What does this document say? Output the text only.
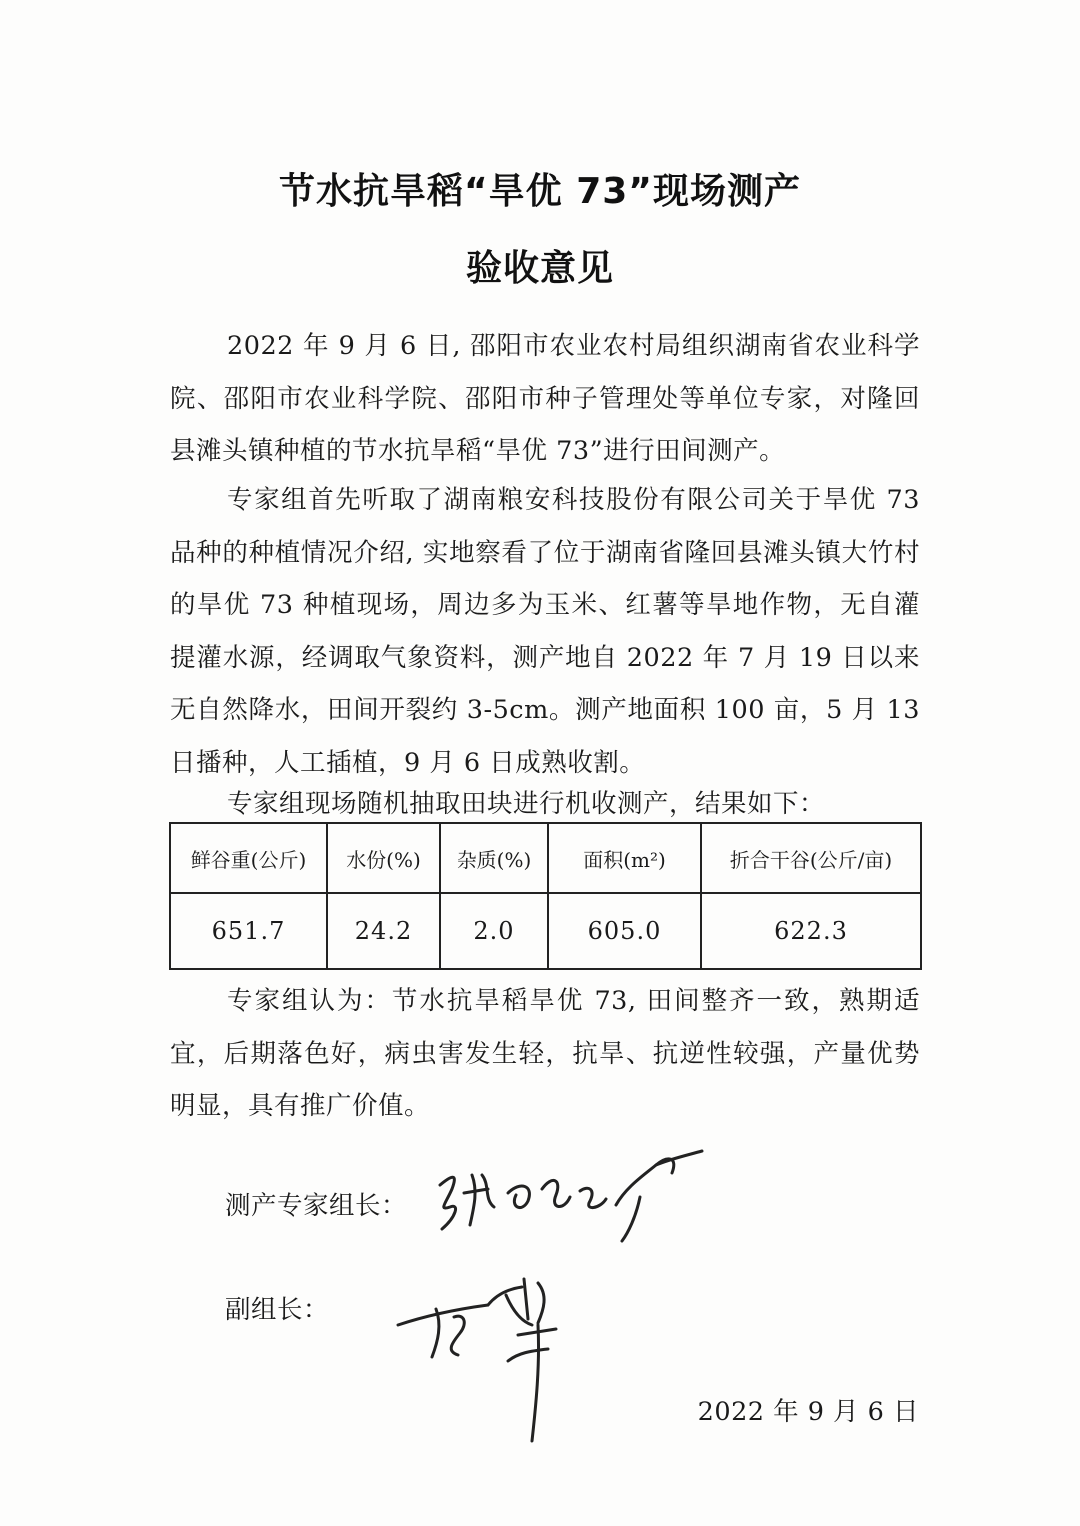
节水抗旱稻“旱优 73”现场测产
验收意见

2022 年 9 月 6 日, 邵阳市农业农村局组织湖南省农业科学院、邵阳市农业科学院、邵阳市种子管理处等单位专家，对隆回县滩头镇种植的节水抗旱稻“旱优 73”进行田间测产。

专家组首先听取了湖南粮安科技股份有限公司关于旱优 73 品种的种植情况介绍, 实地察看了位于湖南省隆回县滩头镇大竹村的旱优 73 种植现场，周边多为玉米、红薯等旱地作物，无自灌提灌水源，经调取气象资料，测产地自 2022 年 7 月 19 日以来无自然降水，田间开裂约 3-5cm。测产地面积 100 亩，5 月 13 日播种，人工插植，9 月 6 日成熟收割。

专家组现场随机抽取田块进行机收测产，结果如下：

鲜谷重(公斤)	水份(%)	杂质(%)	面积(m²)	折合干谷(公斤/亩)
651.7	24.2	2.0	605.0	622.3

专家组认为：节水抗旱稻旱优 73, 田间整齐一致，熟期适宜，后期落色好，病虫害发生轻，抗旱、抗逆性较强，产量优势明显，具有推广价值。

测产专家组长：
副组长：
2022 年 9 月 6 日
